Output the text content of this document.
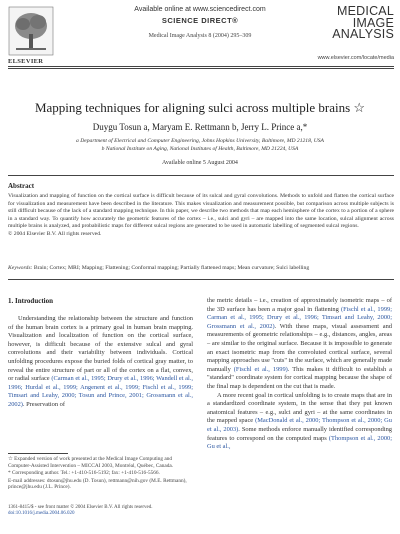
ELSEVIER
Available online at www.sciencedirect.com
SCIENCE DIRECT®
Medical Image Analysis 8 (2004) 295–309
MEDICAL
IMAGE
ANALYSIS
www.elsevier.com/locate/media
Mapping techniques for aligning sulci across multiple brains ☆
Duygu Tosun a, Maryam E. Rettmann b, Jerry L. Prince a,*
a Department of Electrical and Computer Engineering, Johns Hopkins University, Baltimore, MD 21218, USA
b National Institute on Aging, National Institutes of Health, Baltimore, MD 21224, USA
Available online 5 August 2004
Abstract
Visualization and mapping of function on the cortical surface is difficult because of its sulcal and gyral convolutions. Methods to unfold and flatten the cortical surface for visualization and measurement have been described in the literature. This makes visualization and measurement possible, but comparison across multiple subjects is still difficult because of the lack of a standard mapping technique. In this paper, we describe two methods that map each hemisphere of the cortex to a portion of a sphere in a standard way. To quantify how accurately the geometric features of the cortex – i.e., sulci and gyri – are mapped into the same location, sulcal alignment across multiple brains is analyzed, and probabilistic maps for different sulcal regions are generated to be used in automatic labelling of segmented sulcal regions.
© 2004 Elsevier B.V. All rights reserved.
Keywords: Brain; Cortex; MRI; Mapping; Flattening; Conformal mapping; Partially flattened maps; Mean curvature; Sulci labelling
1. Introduction

Understanding the relationship between the structure and function of the human brain cortex is a primary goal in human brain mapping. Visualization and localization of function on the cortical surface, however, is difficult because of the extensive sulcal and gyral convolutions and their variability between individuals. Cortical unfolding procedures expose the buried folds of cortical gray matter, to reveal the entire structure of part or all of the cortex on a flat, convex, or radial surface (Carman et al., 1995; Drury et al., 1996; Wandell et al., 1996; Hurdal et al., 1999; Angenent et al., 1999; Fischl et al., 1999; Timsari and Leahy, 2000; Tosun and Prince, 2001; Grossmann et al., 2002). Preservation of

☆ Expanded version of work presented at the Medical Image Computing and Computer-Assisted Intervention – MICCAI 2003, Montréal, Québec, Canada.

* Corresponding author. Tel.: +1-410-516-5192; fax: +1-410-516-5566.

E-mail addresses: dtosun@jhu.edu (D. Tosun), rettmann@nih.gov (M.E. Rettmann), prince@jhu.edu (J.L. Prince).

1361-8415/$ - see front matter © 2004 Elsevier B.V. All rights reserved.
doi:10.1016/j.media.2004.06.020

the metric details – i.e., creation of approximately isometric maps – of the 3D surface has been a major goal in flattening (Fischl et al., 1999; Carman et al., 1995; Drury et al., 1996; Timsari and Leahy, 2000; Grossmann et al., 2002). With these maps, visual assessment and measurements of geometric relationships – e.g., distances, angles, areas – are similar to the original surface. Because it is impossible to generate an exact isometric map from the convoluted cortical surface, several mapping approaches use "cuts" in the surface, which are generally made manually (Fischl et al., 1999). This makes it difficult to establish a "standard" coordinate system for cortical mapping because the shape of the final map is dependent on the cut that is made.

A more recent goal in cortical unfolding is to create maps that are in a standardized coordinate system, in the sense that they put known anatomical features – e.g., sulci and gyri – at the same coordinates in the mapped space (MacDonald et al., 2000; Thompson et al., 2000; Gu et al., 2003). Some methods enforce manually identified corresponding features to correspond on the computed maps (Thompson et al., 2000; Gu et al.,
